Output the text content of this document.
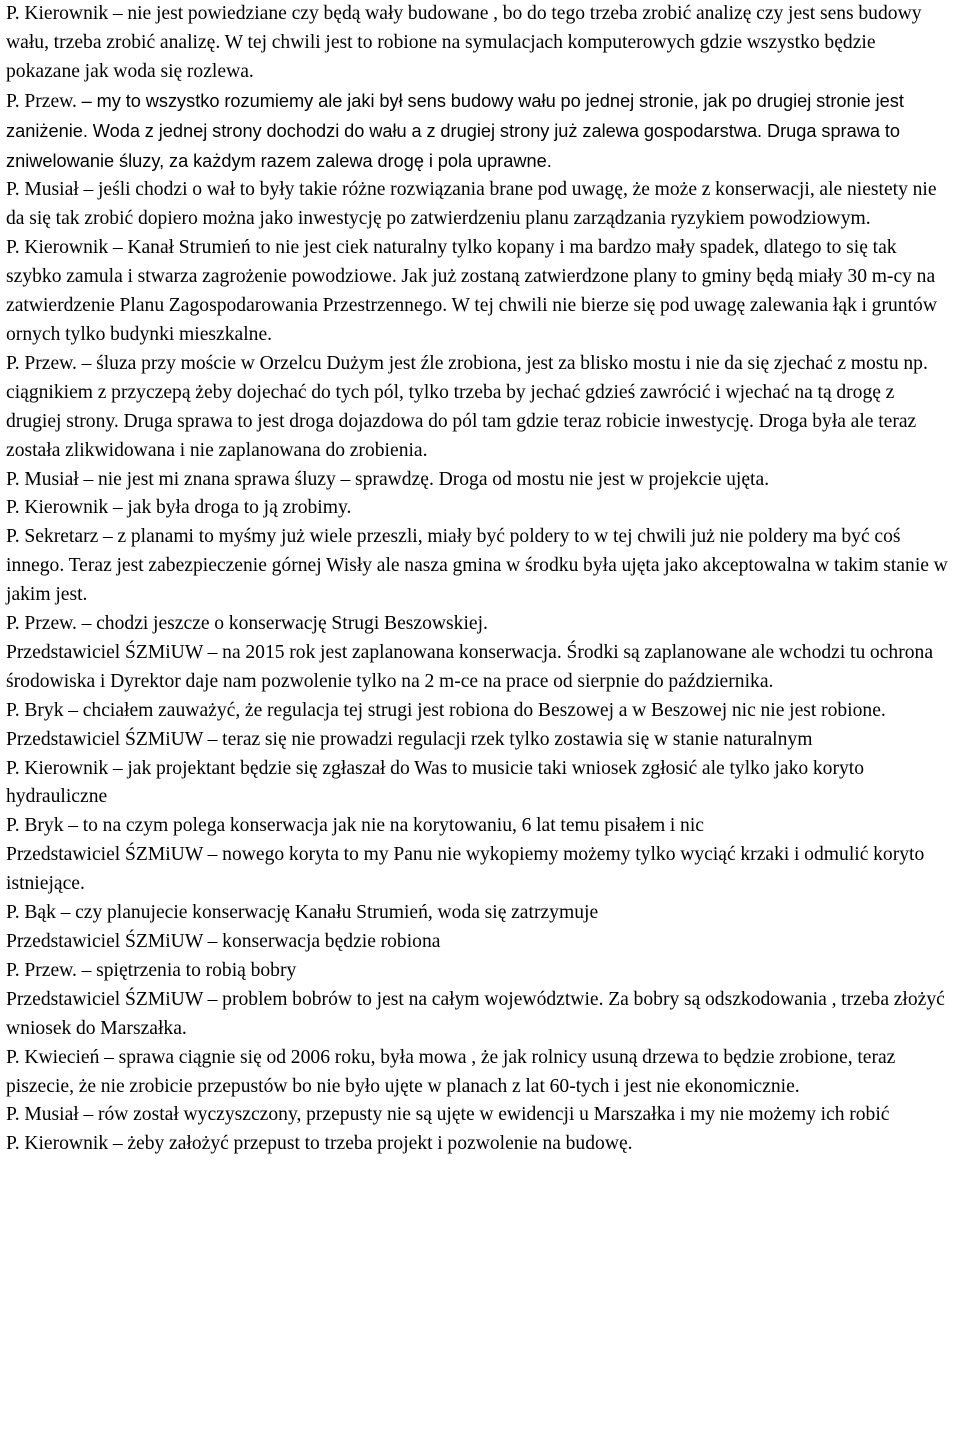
P. Kierownik – nie jest powiedziane czy będą wały budowane , bo do tego trzeba zrobić analizę czy jest sens budowy wału, trzeba zrobić analizę. W tej chwili jest to robione na symulacjach komputerowych gdzie wszystko będzie pokazane jak woda się rozlewa.

P. Przew. – my to wszystko rozumiemy ale jaki był sens budowy wału po jednej stronie, jak po drugiej stronie jest zaniżenie. Woda z jednej strony dochodzi do wału a z drugiej strony już zalewa gospodarstwa. Druga sprawa to zniwelowanie śluzy, za każdym razem zalewa drogę i pola uprawne.

P. Musiał – jeśli chodzi o wał to były takie różne rozwiązania brane pod uwagę, że może z konserwacji, ale niestety nie da się tak zrobić dopiero można jako inwestycję po zatwierdzeniu planu zarządzania ryzykiem powodziowym.

P. Kierownik – Kanał Strumień to nie jest ciek naturalny tylko kopany i ma bardzo mały spadek, dlatego to się tak szybko zamula i stwarza zagrożenie powodziowe. Jak już zostaną zatwierdzone plany to gminy będą miały 30 m-cy na zatwierdzenie Planu Zagospodarowania Przestrzennego. W tej chwili nie bierze się pod uwagę zalewania łąk i gruntów ornych tylko budynki mieszkalne.

P. Przew. – śluza przy moście w Orzelcu Dużym jest źle zrobiona, jest za blisko mostu i nie da się zjechać z mostu np. ciągnikiem z przyczepą żeby dojechać do tych pól, tylko trzeba by jechać gdzieś zawrócić i wjechać na tą drogę z drugiej strony. Druga sprawa to jest droga dojazdowa do pól tam gdzie teraz robicie inwestycję. Droga była ale teraz została zlikwidowana i nie zaplanowana do zrobienia.

P. Musiał – nie jest mi znana sprawa śluzy – sprawdzę. Droga od mostu nie jest w projekcie ujęta.

P. Kierownik – jak była droga to ją zrobimy.

P. Sekretarz – z planami to myśmy już wiele przeszli, miały być poldery to w tej chwili już nie poldery ma być coś innego. Teraz jest zabezpieczenie górnej Wisły ale nasza gmina w środku była ujęta jako akceptowalna w takim stanie w jakim jest.

P. Przew. – chodzi jeszcze o konserwację Strugi Beszowskiej.

Przedstawiciel ŚZMiUW – na 2015 rok jest zaplanowana konserwacja. Środki są zaplanowane ale wchodzi tu ochrona środowiska i Dyrektor daje nam pozwolenie tylko na 2 m-ce na prace od sierpnie do października.

P. Bryk – chciałem zauważyć, że regulacja tej strugi jest robiona do Beszowej a w Beszowej nic nie jest robione.

Przedstawiciel ŚZMiUW – teraz się nie prowadzi regulacji rzek tylko zostawia się w stanie naturalnym

P. Kierownik – jak projektant będzie się zgłaszał do Was to musicie taki wniosek zgłosić ale tylko jako koryto hydrauliczne

P. Bryk – to na czym polega konserwacja jak nie na korytowaniu, 6 lat temu pisałem i nic

Przedstawiciel ŚZMiUW – nowego koryta to my Panu nie wykopiemy możemy tylko wyciąć krzaki i odmulić koryto istniejące.

P. Bąk – czy planujecie konserwację Kanału Strumień, woda się zatrzymuje

Przedstawiciel ŚZMiUW – konserwacja będzie robiona

P. Przew. – spiętrzenia to robią bobry

Przedstawiciel ŚZMiUW – problem bobrów to jest na całym województwie. Za bobry są odszkodowania , trzeba złożyć wniosek do Marszałka.

P. Kwiecień – sprawa ciągnie się od 2006 roku, była mowa , że jak rolnicy usuną drzewa to będzie zrobione, teraz piszecie, że nie zrobicie przepustów bo nie było ujęte w planach z lat 60-tych i jest nie ekonomicznie.

P. Musiał – rów został wyczyszczony, przepusty nie są ujęte w ewidencji u Marszałka i my nie możemy ich robić

P. Kierownik – żeby założyć przepust to trzeba projekt i pozwolenie na budowę.
